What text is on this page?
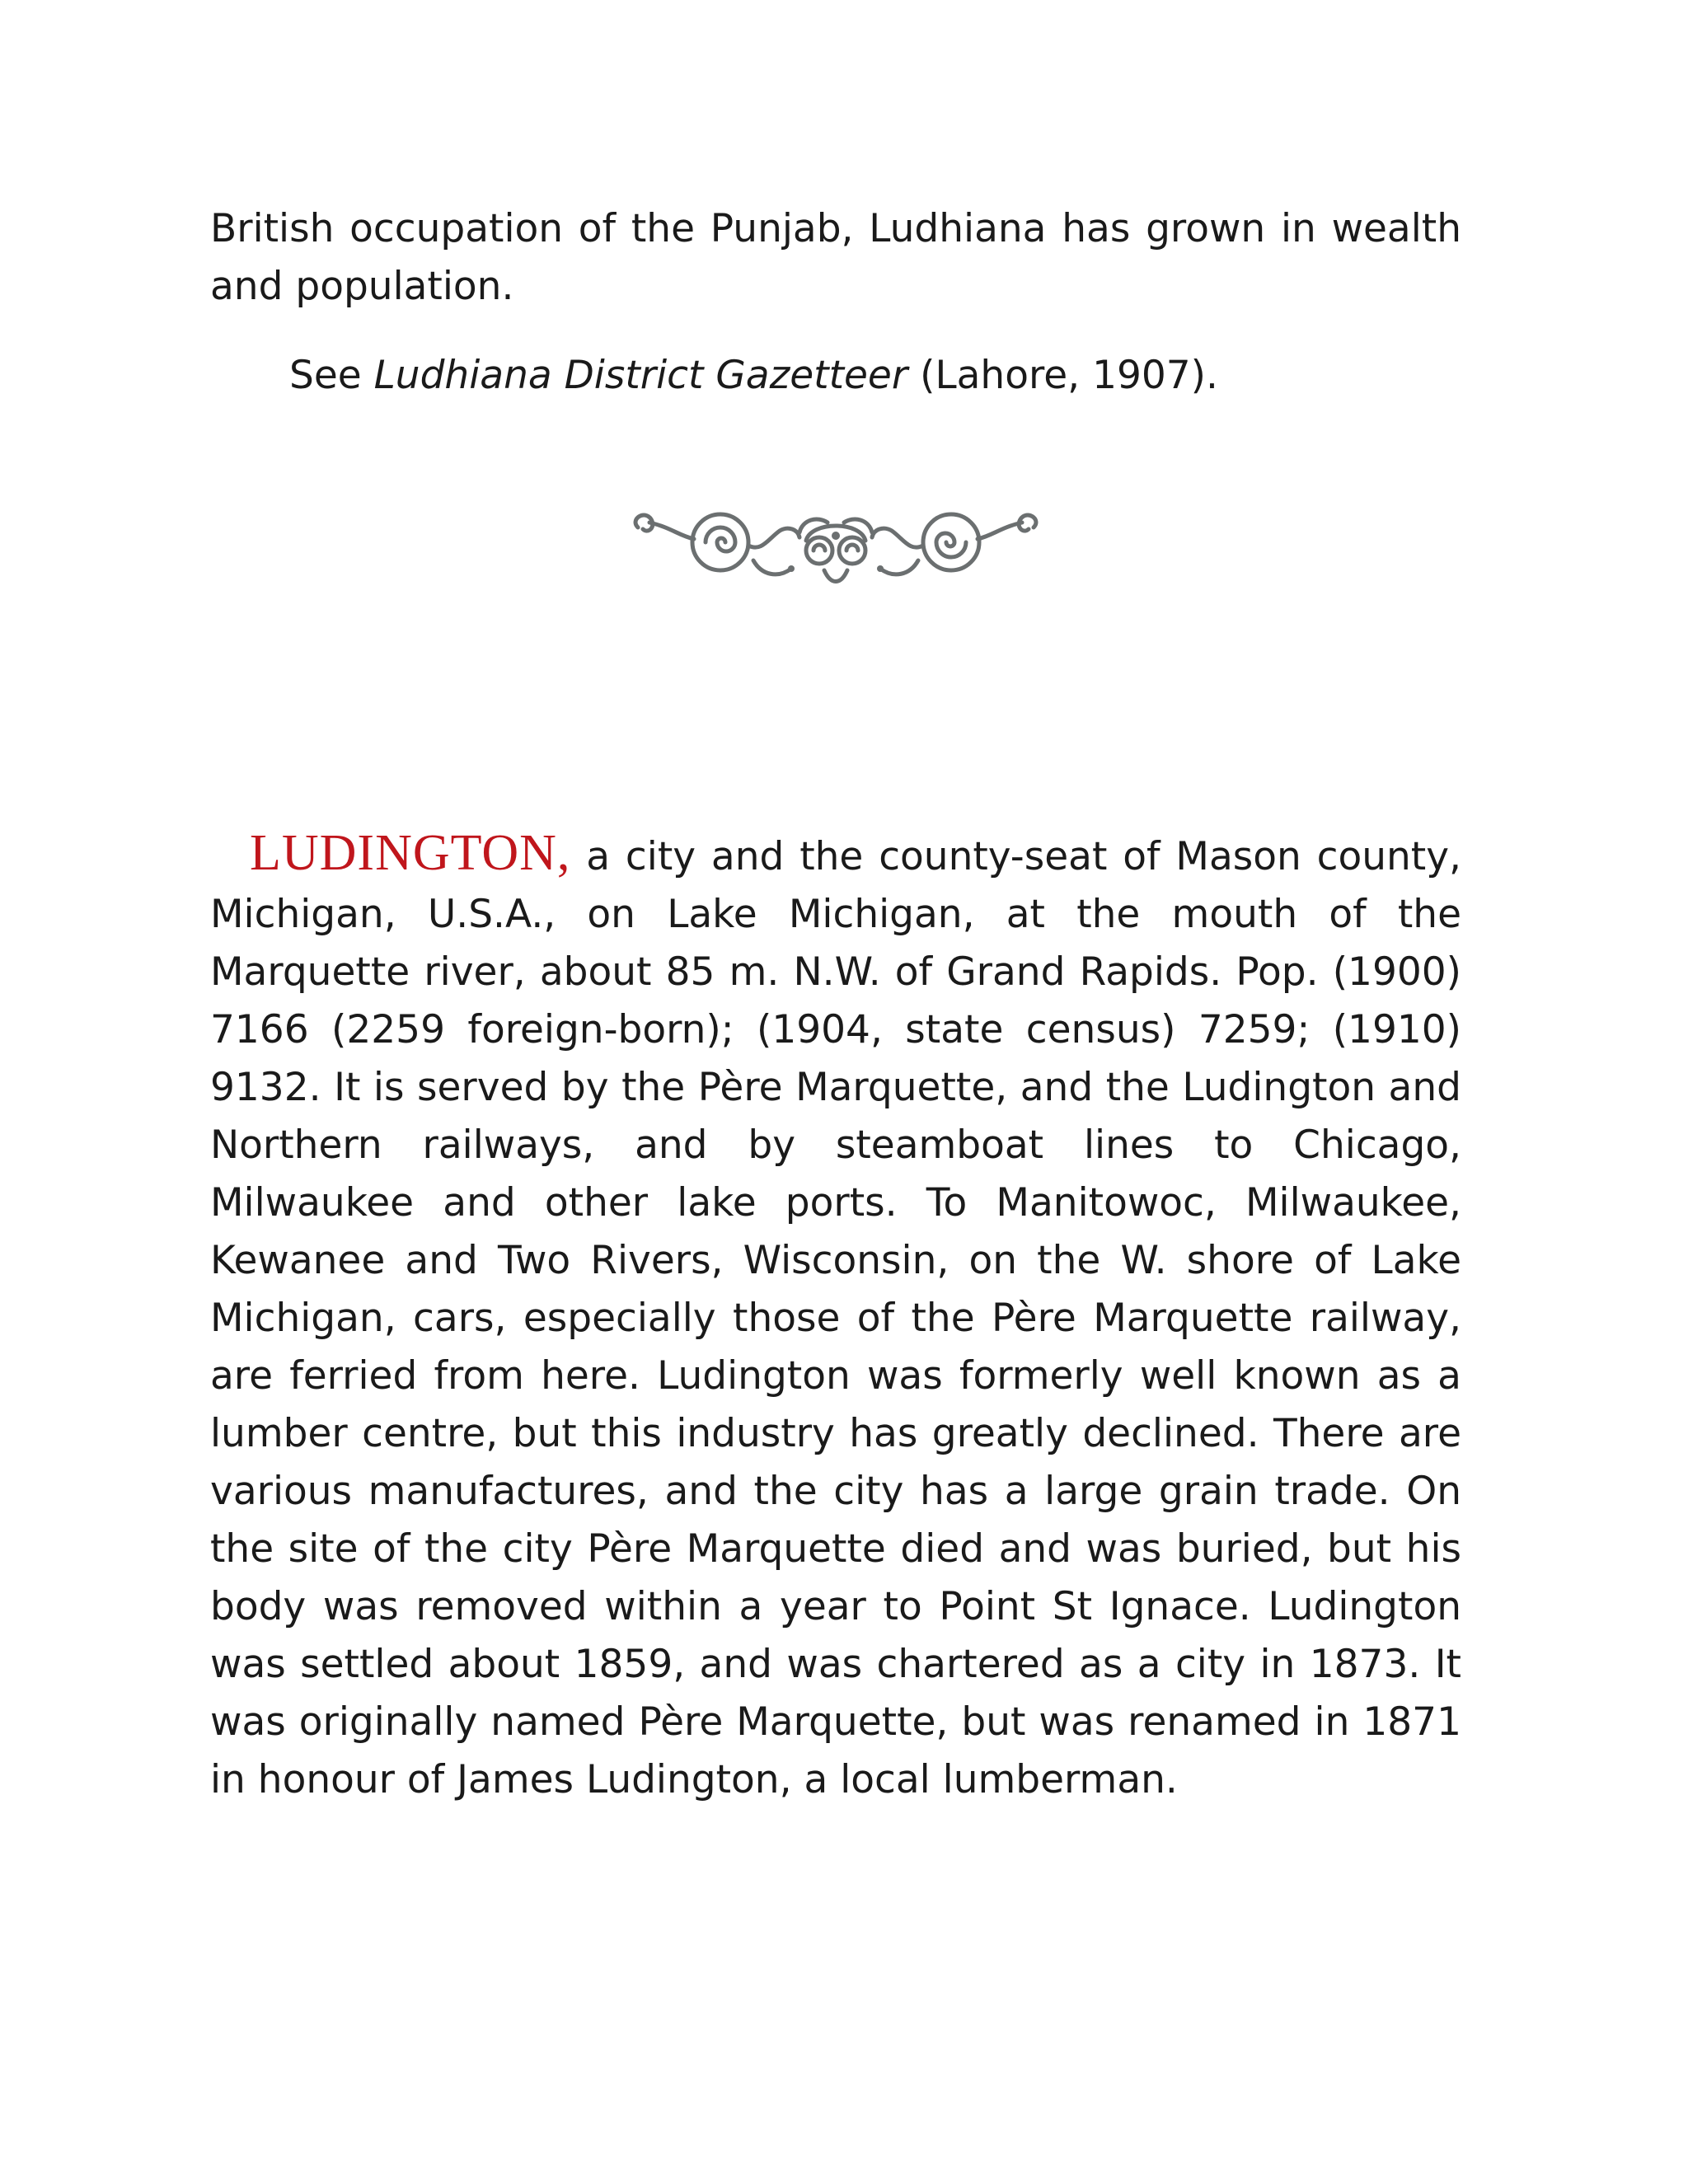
British occupation of the Punjab, Ludhiana has grown in wealth and population.

See Ludhiana District Gazetteer (Lahore, 1907).

LUDINGTON, a city and the county-seat of Mason county, Michigan, U.S.A., on Lake Michigan, at the mouth of the Marquette river, about 85 m. N.W. of Grand Rapids. Pop. (1900) 7166 (2259 foreign-born); (1904, state census) 7259; (1910) 9132. It is served by the Père Marquette, and the Ludington and Northern railways, and by steamboat lines to Chicago, Milwaukee and other lake ports. To Manitowoc, Milwaukee, Kewanee and Two Rivers, Wisconsin, on the W. shore of Lake Michigan, cars, especially those of the Père Marquette railway, are ferried from here. Ludington was formerly well known as a lumber centre, but this industry has greatly declined. There are various manufactures, and the city has a large grain trade. On the site of the city Père Marquette died and was buried, but his body was removed within a year to Point St Ignace. Ludington was settled about 1859, and was chartered as a city in 1873. It was originally named Père Marquette, but was renamed in 1871 in honour of James Ludington, a local lumberman.
